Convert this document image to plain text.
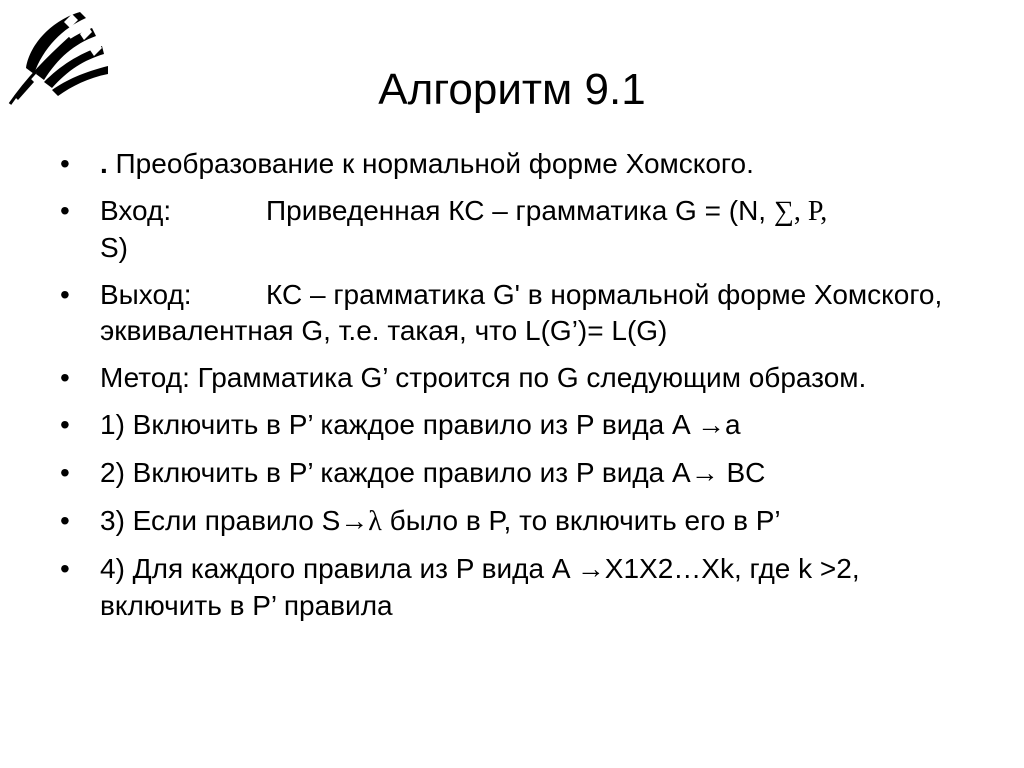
Алгоритм 9.1
•	. Преобразование к нормальной форме Хомского.
•	Вход:	Приведенная КС – грамматика G = (N, ∑, P,
S)
•	Выход:	КС – грамматика G' в нормальной форме Хомского, эквивалентная G, т.е. такая, что L(G’)= L(G)
•	Метод: Грамматика G’ строится по G следующим образом.
•	1) Включить в P’ каждое правило из P вида A →a
•	2) Включить в P’ каждое правило из P вида A→ BC
•	3) Если правило S→λ было в P, то включить его в P’
•	4) Для каждого правила из P вида A →X1X2…Xk, где k >2, включить в P’ правила
